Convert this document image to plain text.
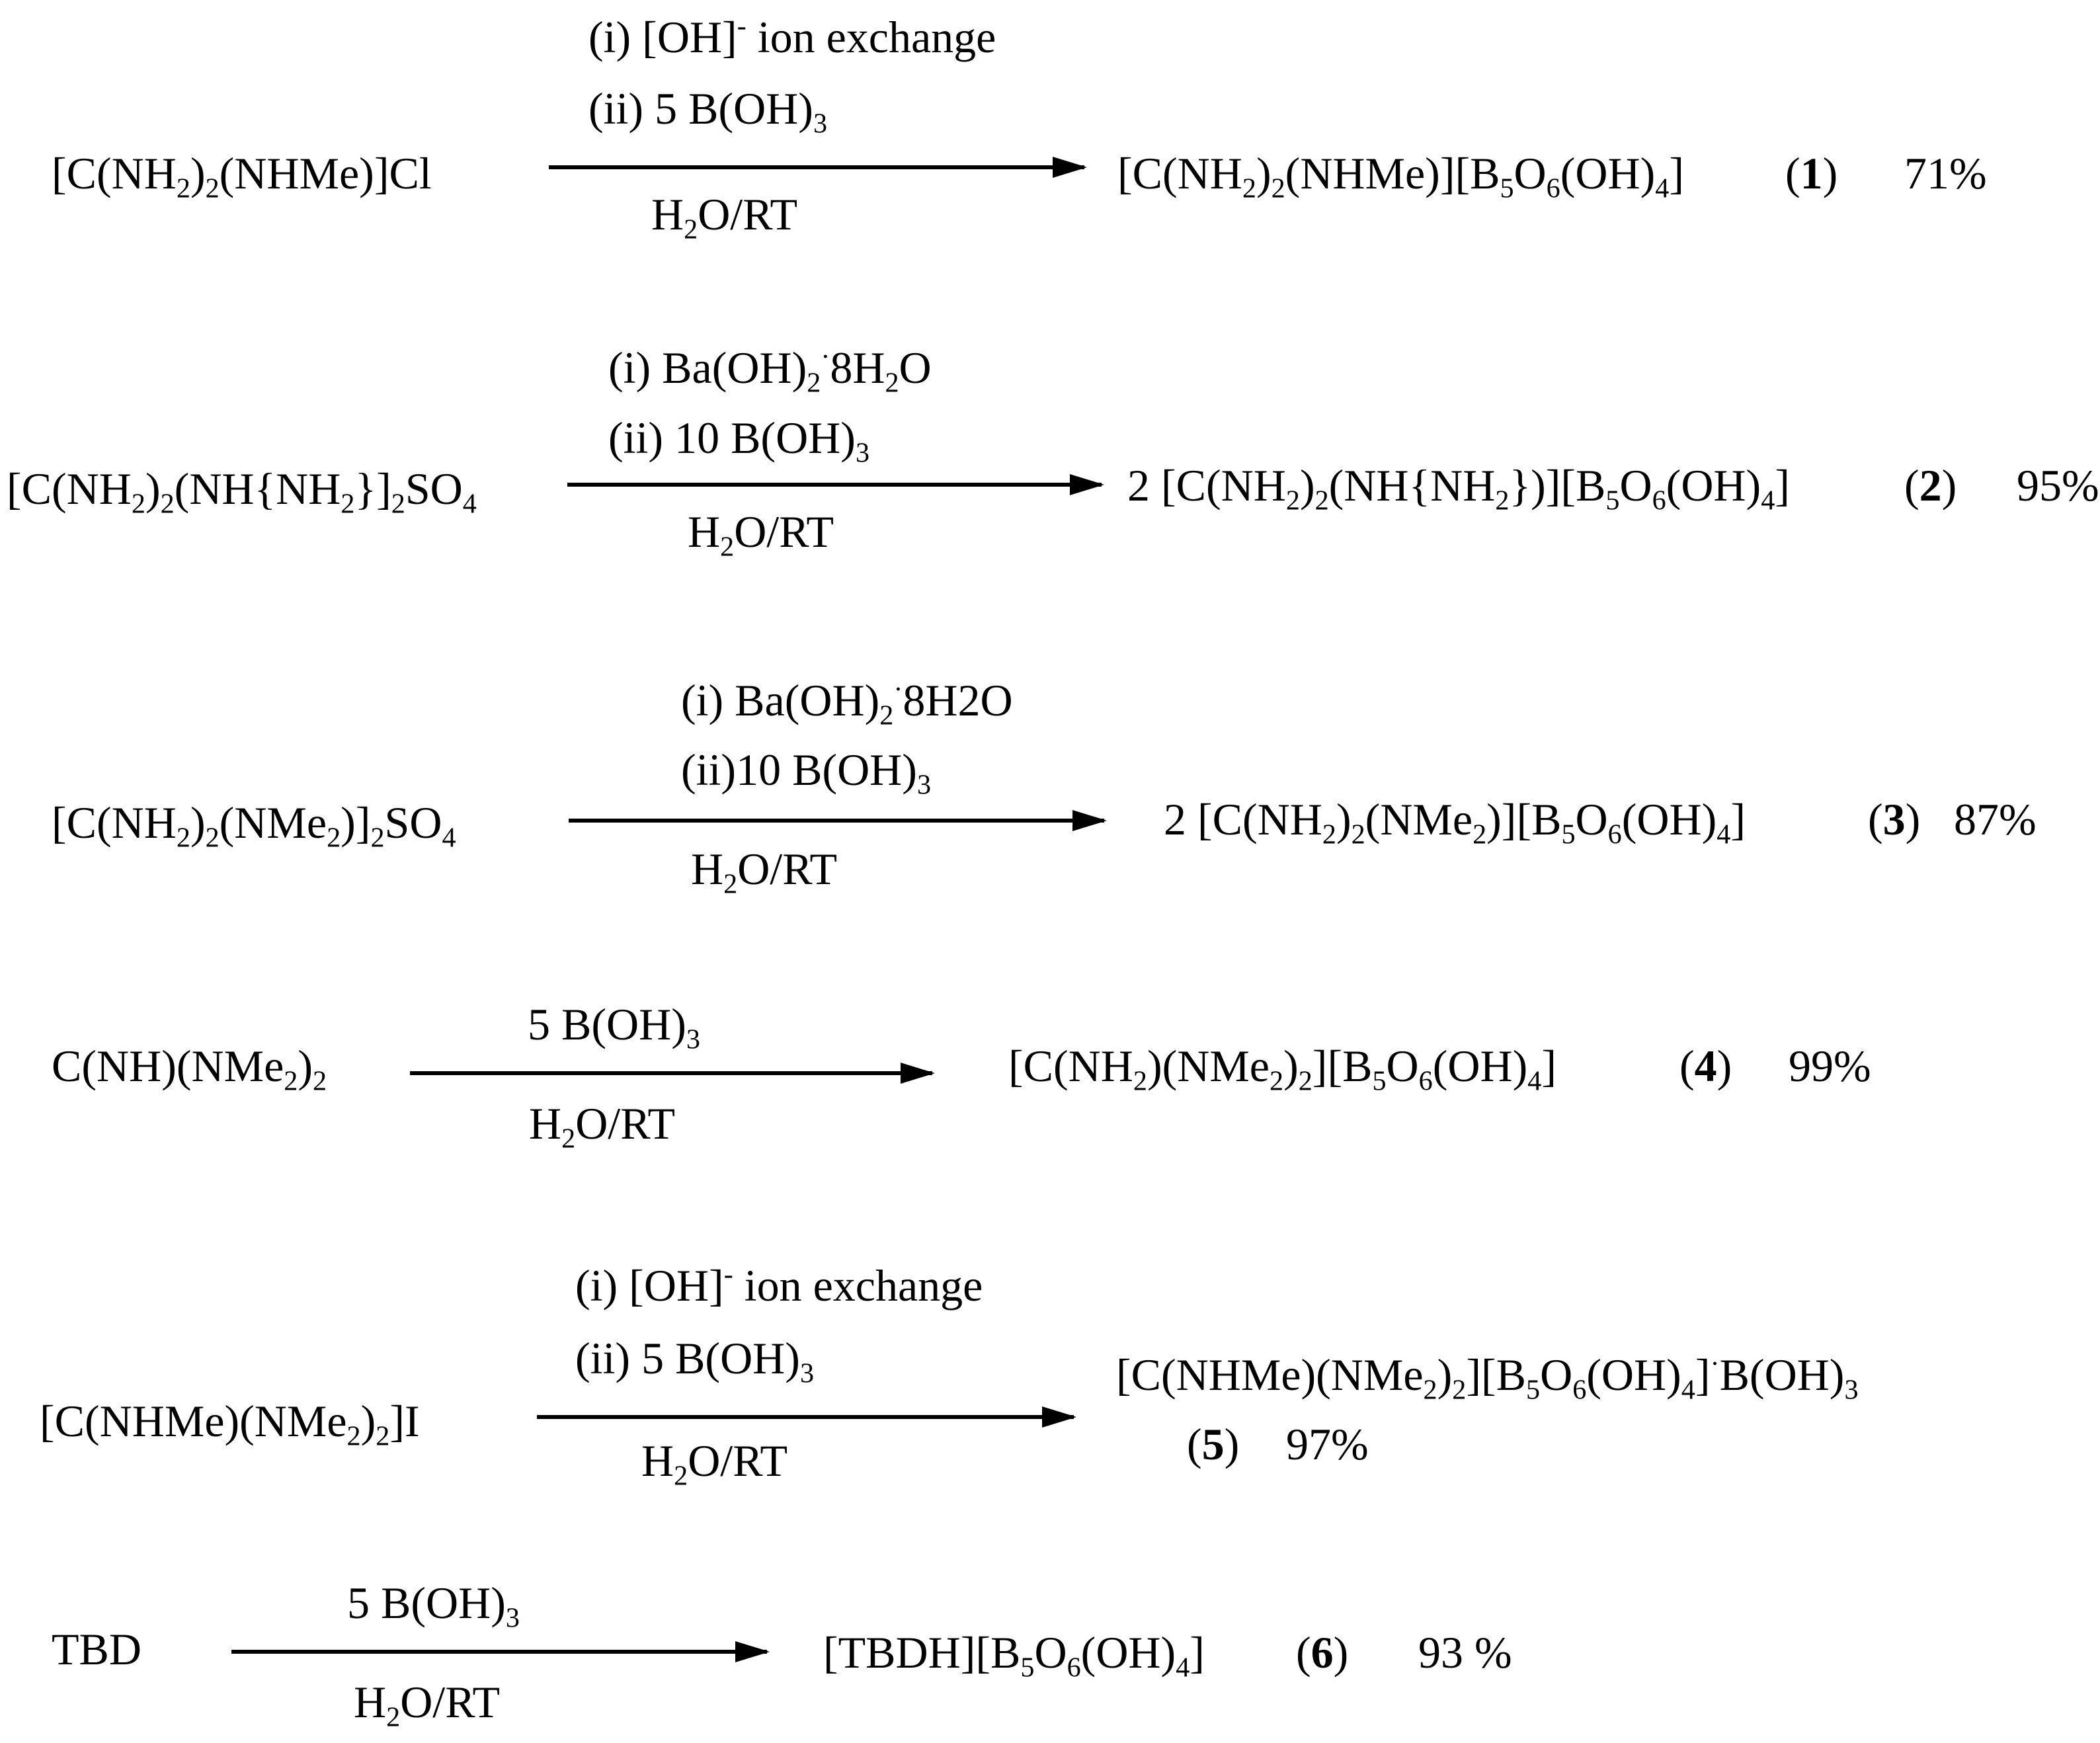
(i) [OH]- ion exchange
(ii) 5 $B(OH)_3$
$[C(NH_2)_2(NHMe)]Cl$
$H_2O/RT$
$[C(NH_2)_2(NHMe)][B_5O_6(OH)_4]$ (1) 71%
(i) $Ba(OH)_2^\cdot 8H_2O$
(ii) 10 $B(OH)_3$
[$C(NH_2)_2(NH\{NH_2\}]_2SO_4$
$H_2O/RT$
2 $[C(NH_2)_2(NH\{NH_2\})][B_5O_6(OH)_4]$	(2) 95%
(i) $Ba(OH)_2^\cdot 8H2O$
(ii)10 $B(OH)_3$
$[C(NH_2)_2(NMe_2)]_2SO_4$
$H_2O/RT$
2 $[C(NH_2)_2(NMe_2)][B_5O_6(OH)_4]$	(3) 87%
5 $B(OH)_3$
$C(NH)(NMe_2)_2$
$H_2O/RT$
$[C(NH_2)(NMe_2)_2][B_5O_6(OH)_4]$	(4) 99%
(i) [OH]- ion exchange
(ii) 5 $B(OH)_3$
$[C(NHMe)(NMe_2)_2]I$
$H_2O/RT$
$[C(NHMe)(NMe_2)_2][B_5O_6(OH)_4]^\cdot B(OH)_3$
(5) 97%
5 $B(OH)_3$
TBD
$H_2O/RT$
$[TBDH][B_5O_6(OH)_4]$ (6) 93 %
